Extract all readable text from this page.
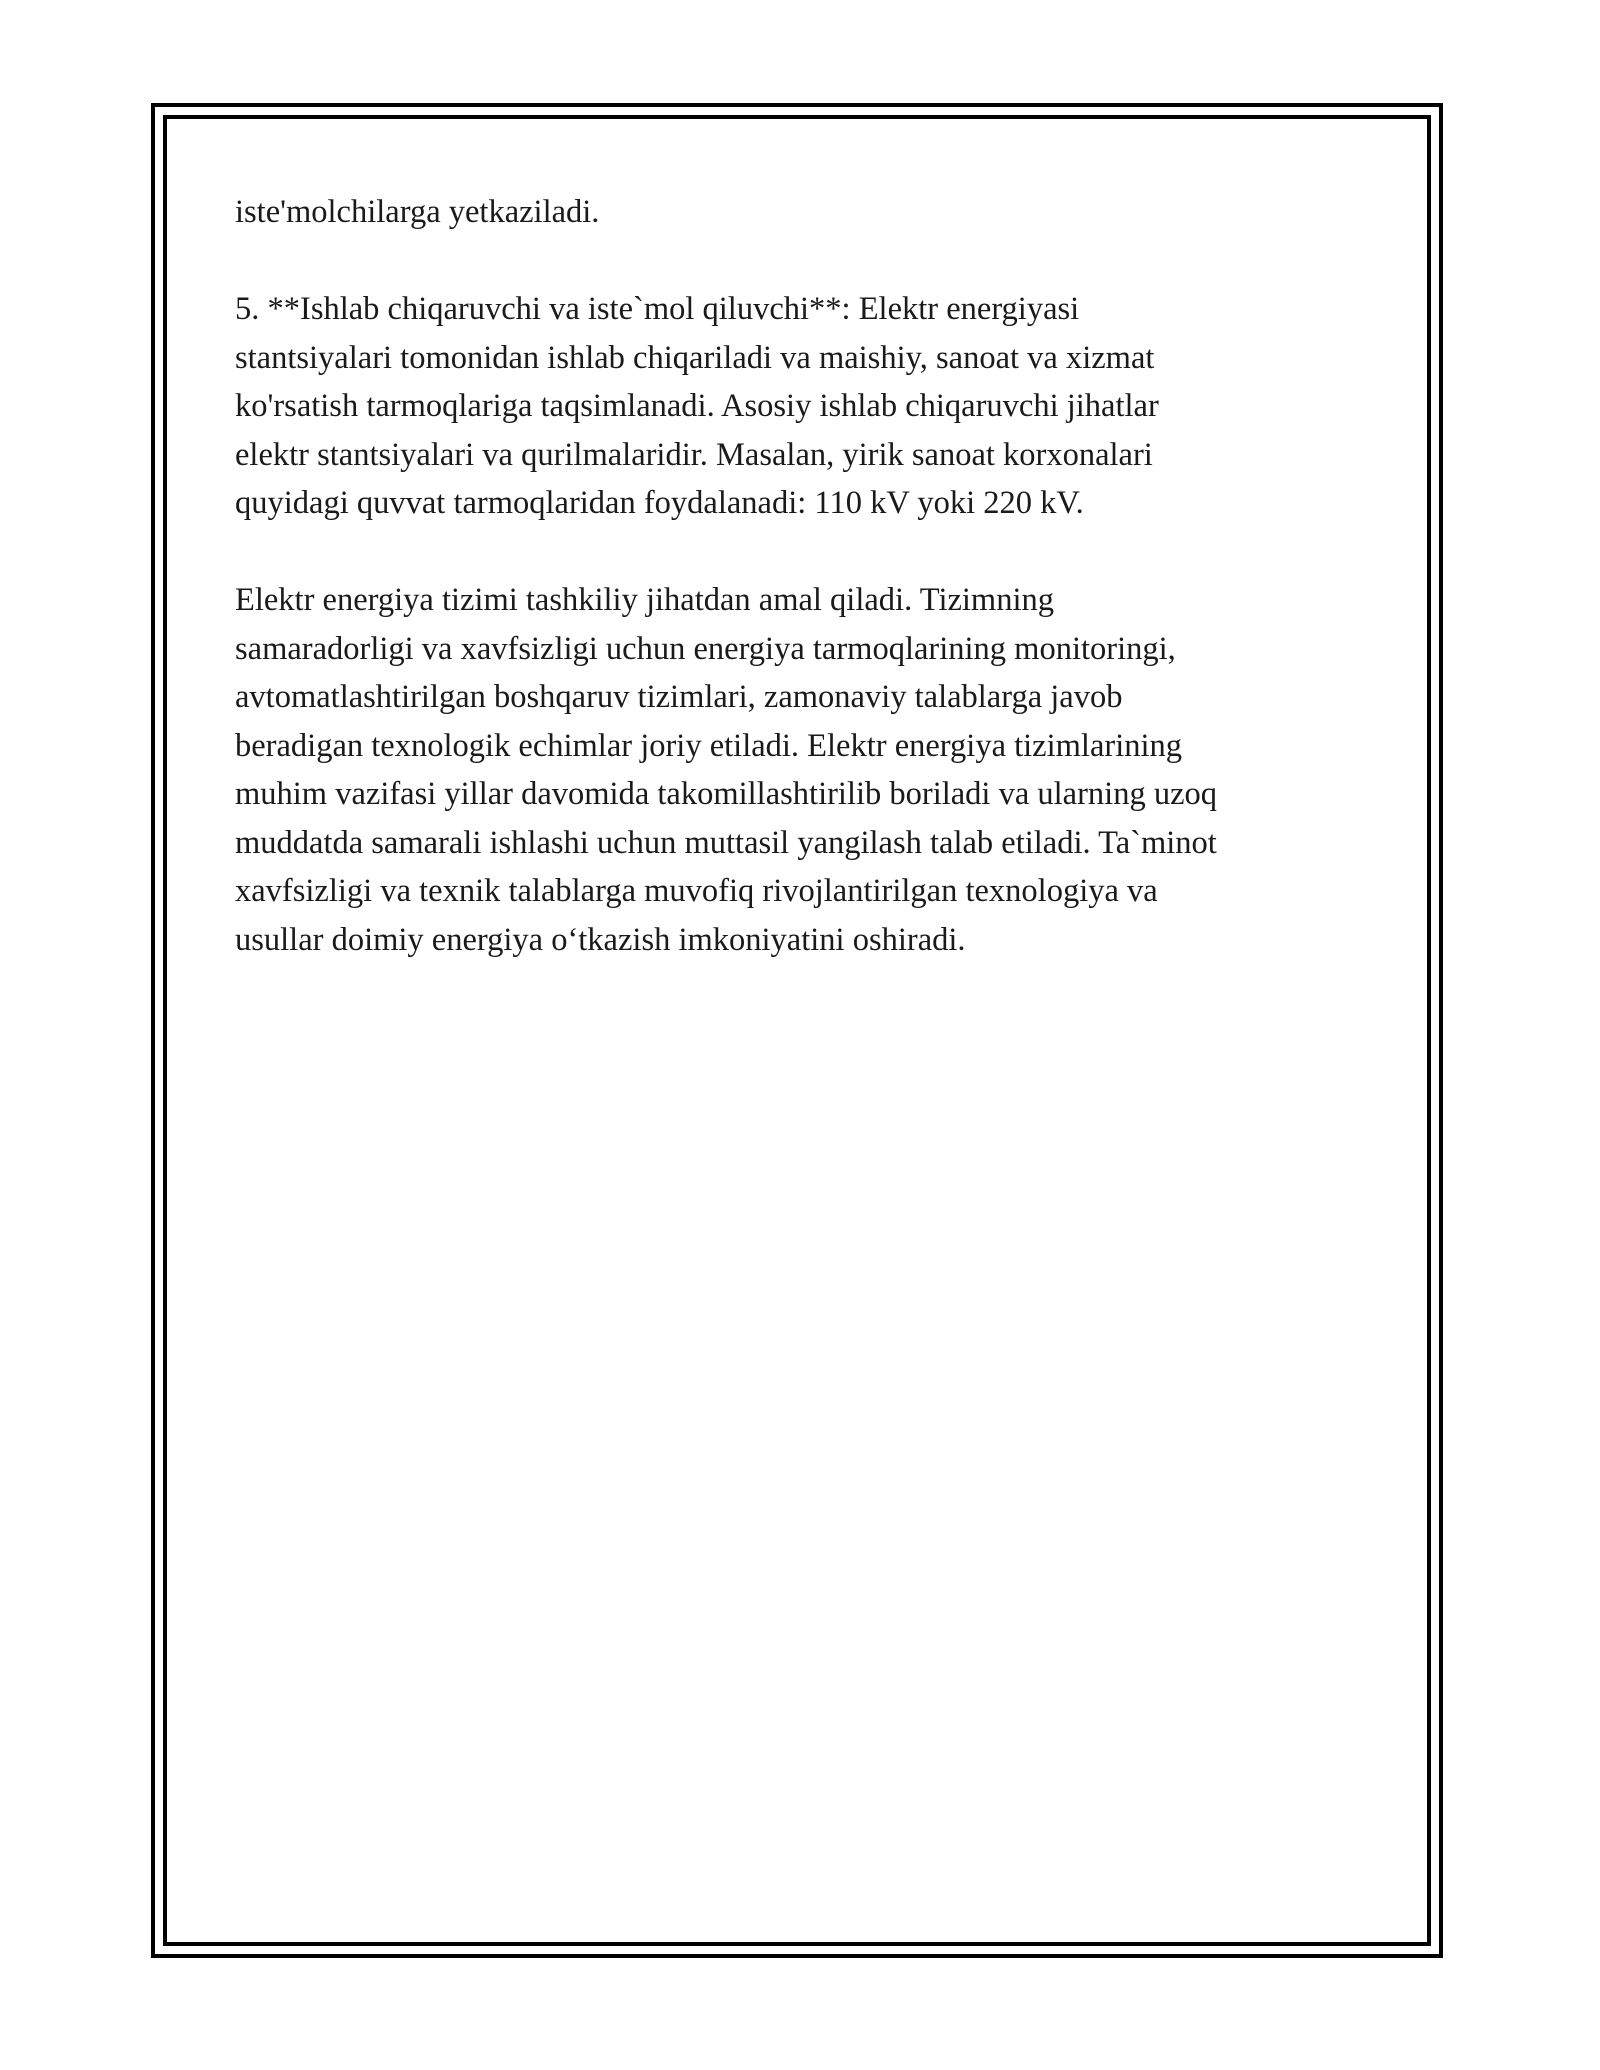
iste'molchilarga yetkaziladi.

5. **Ishlab chiqaruvchi va iste`mol qiluvchi**: Elektr energiyasi
stantsiyalari tomonidan ishlab chiqariladi va maishiy, sanoat va xizmat
ko'rsatish tarmoqlariga taqsimlanadi. Asosiy ishlab chiqaruvchi jihatlar
elektr stantsiyalari va qurilmalaridir. Masalan, yirik sanoat korxonalari
quyidagi quvvat tarmoqlaridan foydalanadi: 110 kV yoki 220 kV.

Elektr energiya tizimi tashkiliy jihatdan amal qiladi. Tizimning
samaradorligi va xavfsizligi uchun energiya tarmoqlarining monitoringi,
avtomatlashtirilgan boshqaruv tizimlari, zamonaviy talablarga javob
beradigan texnologik echimlar joriy etiladi. Elektr energiya tizimlarining
muhim vazifasi yillar davomida takomillashtirilib boriladi va ularning uzoq
muddatda samarali ishlashi uchun muttasil yangilash talab etiladi. Ta`minot
xavfsizligi va texnik talablarga muvofiq rivojlantirilgan texnologiya va
usullar doimiy energiya o‘tkazish imkoniyatini oshiradi.
